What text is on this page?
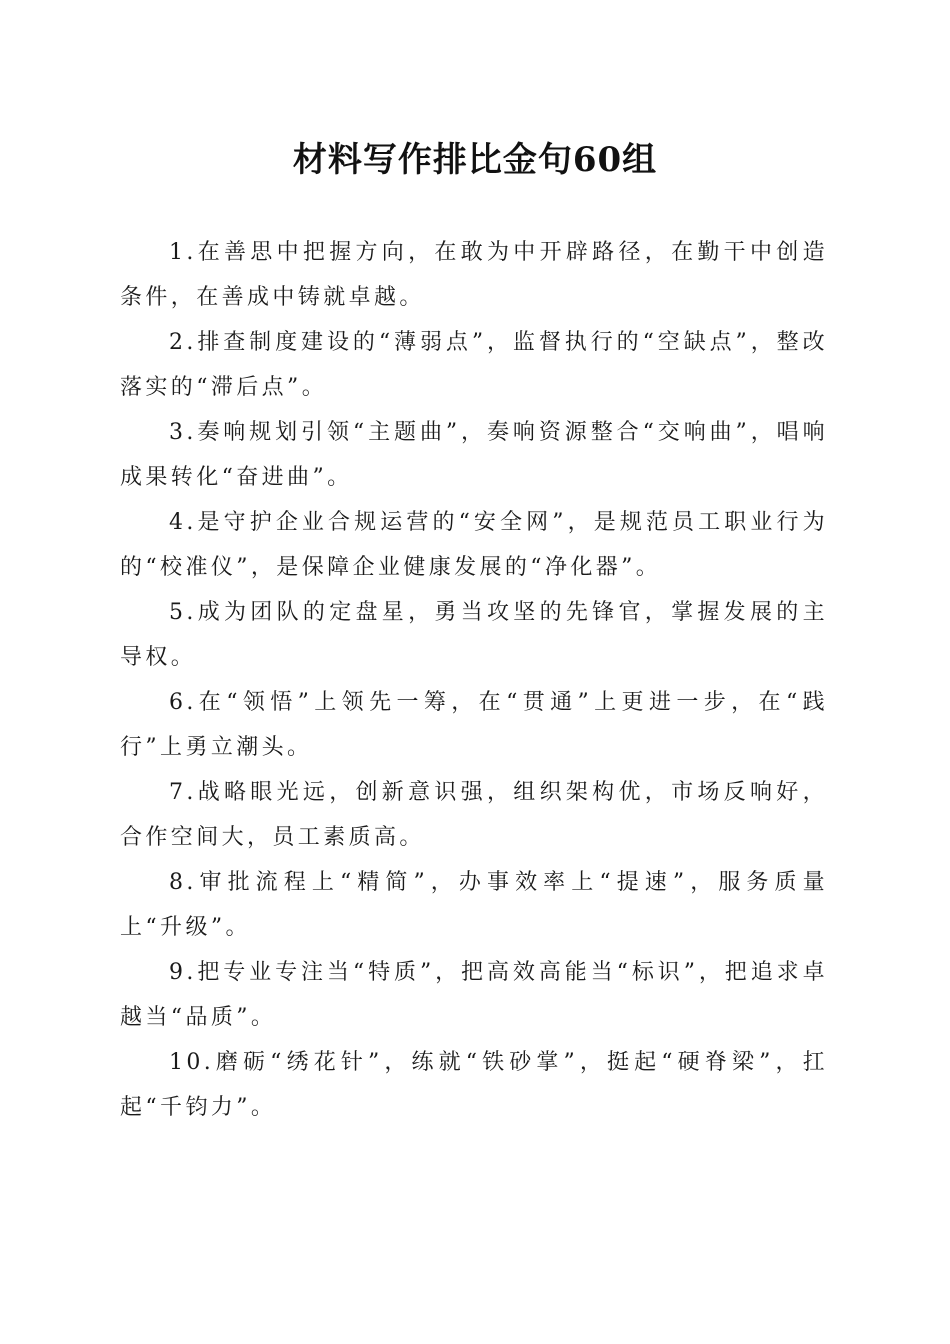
材料写作排比金句60组
1.在善思中把握方向，在敢为中开辟路径，在勤干中创造条件，在善成中铸就卓越。
2.排查制度建设的“薄弱点”，监督执行的“空缺点”，整改落实的“滞后点”。
3.奏响规划引领“主题曲”，奏响资源整合“交响曲”，唱响成果转化“奋进曲”。
4.是守护企业合规运营的“安全网”，是规范员工职业行为的“校准仪”，是保障企业健康发展的“净化器”。
5.成为团队的定盘星，勇当攻坚的先锋官，掌握发展的主导权。
6.在“领悟”上领先一筹，在“贯通”上更进一步，在“践行”上勇立潮头。
7.战略眼光远，创新意识强，组织架构优，市场反响好，合作空间大，员工素质高。
8.审批流程上“精简”，办事效率上“提速”，服务质量上“升级”。
9.把专业专注当“特质”，把高效高能当“标识”，把追求卓越当“品质”。
10.磨砺“绣花针”，练就“铁砂掌”，挺起“硬脊梁”，扛起“千钧力”。
